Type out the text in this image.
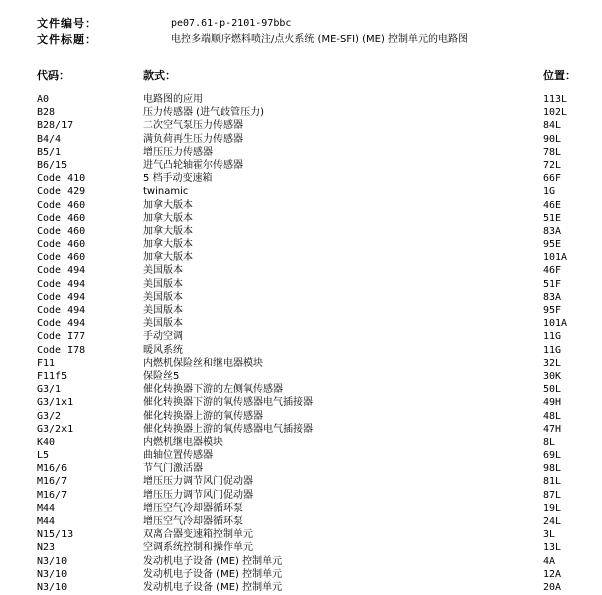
文件编号：	pe07.61-p-2101-97bbc
文件标题：	电控多端顺序燃料喷注/点火系统 (ME-SFI) (ME) 控制单元的电路图
代码：	款式：	位置：
A0	电路图的应用	113L
B28	压力传感器 (进气歧管压力)	102L
B28/17	二次空气泵压力传感器	84L
B4/4	满负荷再生压力传感器	90L
B5/1	增压压力传感器	78L
B6/15	进气凸轮轴霍尔传感器	72L
Code 410	5 档手动变速箱	66F
Code 429	twinamic	1G
Code 460	加拿大版本	46E
Code 460	加拿大版本	51E
Code 460	加拿大版本	83A
Code 460	加拿大版本	95E
Code 460	加拿大版本	101A
Code 494	美国版本	46F
Code 494	美国版本	51F
Code 494	美国版本	83A
Code 494	美国版本	95F
Code 494	美国版本	101A
Code I77	手动空调	11G
Code I78	暖风系统	11G
F11	内燃机保险丝和继电器模块	32L
F11f5	保险丝5	30K
G3/1	催化转换器下游的左侧氧传感器	50L
G3/1x1	催化转换器下游的氧传感器电气插接器	49H
G3/2	催化转换器上游的氧传感器	48L
G3/2x1	催化转换器上游的氧传感器电气插接器	47H
K40	内燃机继电器模块	8L
L5	曲轴位置传感器	69L
M16/6	节气门激活器	98L
M16/7	增压压力调节风门促动器	81L
M16/7	增压压力调节风门促动器	87L
M44	增压空气冷却器循环泵	19L
M44	增压空气冷却器循环泵	24L
N15/13	双离合器变速箱控制单元	3L
N23	空调系统控制和操作单元	13L
N3/10	发动机电子设备 (ME) 控制单元	4A
N3/10	发动机电子设备 (ME) 控制单元	12A
N3/10	发动机电子设备 (ME) 控制单元	20A
